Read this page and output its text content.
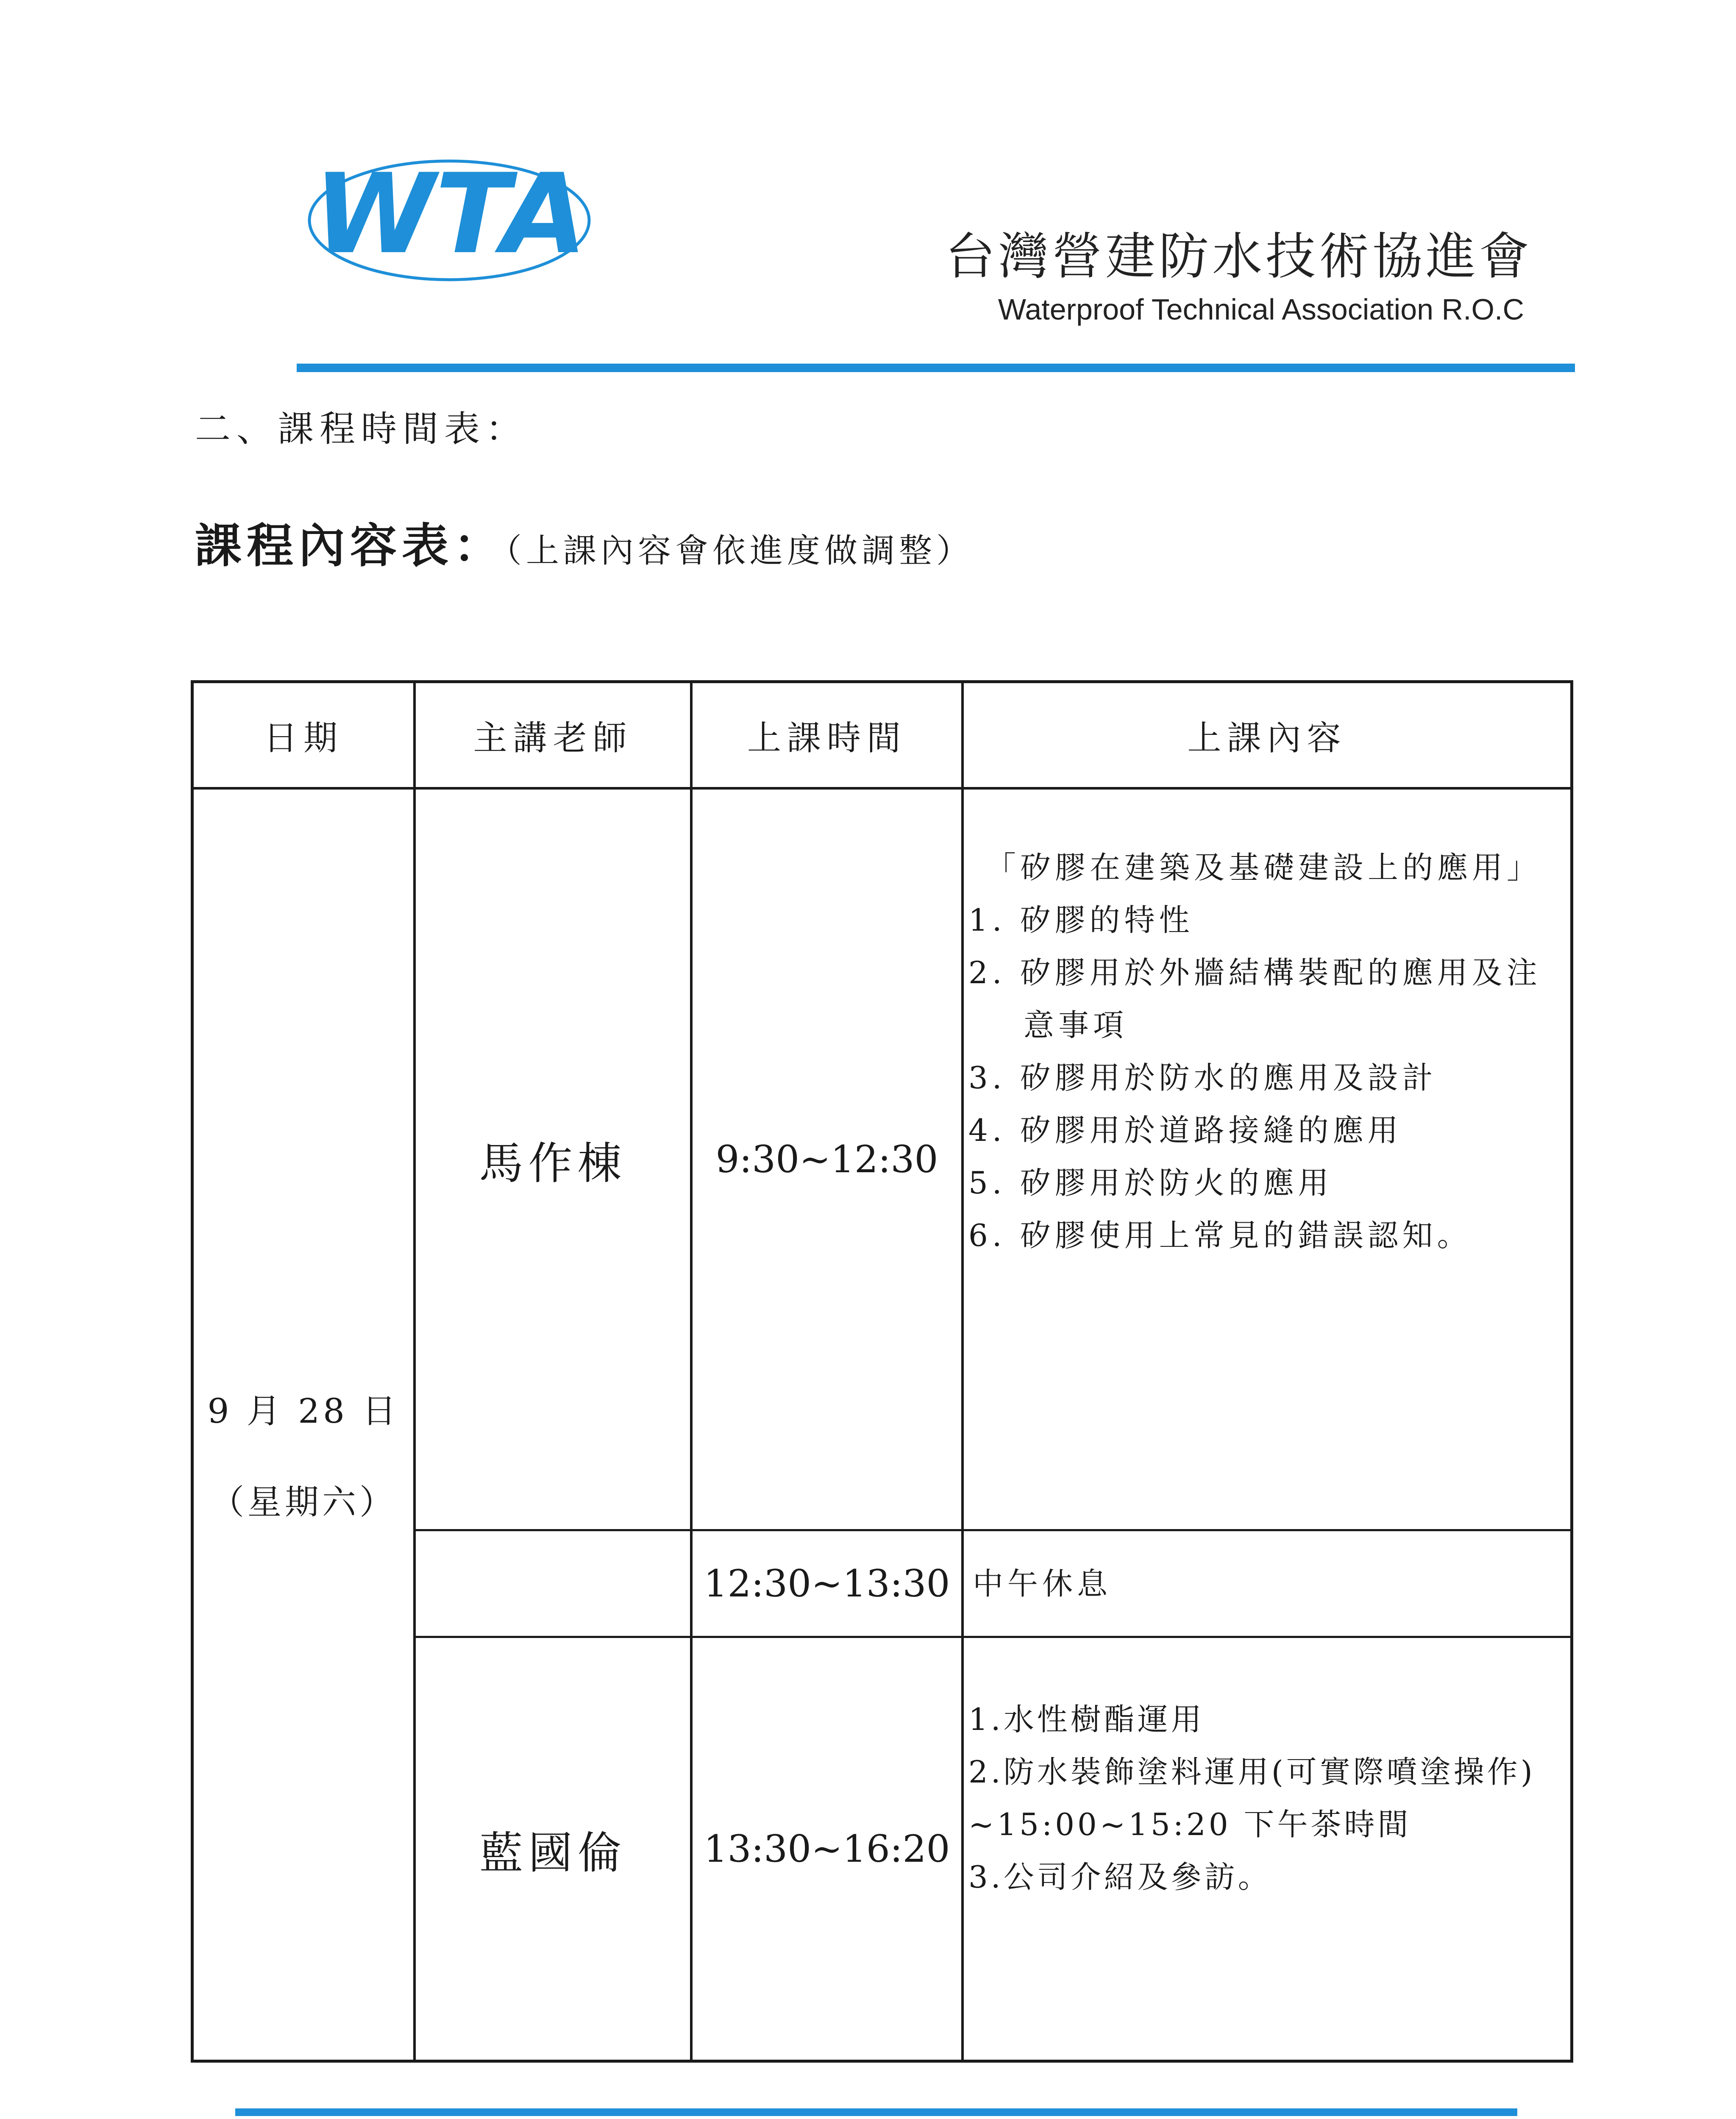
WTA	台灣營建防水技術協進會
Waterproof Technical Association R.O.C
二、課程時間表：
課程內容表：（上課內容會依進度做調整）
日期	主講老師	上課時間	上課內容
9 月 28 日
（星期六）
馬作棟	9:30~12:30
「矽膠在建築及基礎建設上的應用」
1. 矽膠的特性
2. 矽膠用於外牆結構裝配的應用及注
意事項
3. 矽膠用於防水的應用及設計
4. 矽膠用於道路接縫的應用
5. 矽膠用於防火的應用
6. 矽膠使用上常見的錯誤認知。
12:30~13:30 中午休息
藍國倫	13:30~16:20
1.水性樹酯運用
2.防水裝飾塗料運用(可實際噴塗操作)
~15:00~15:20 下午茶時間
3.公司介紹及參訪。
